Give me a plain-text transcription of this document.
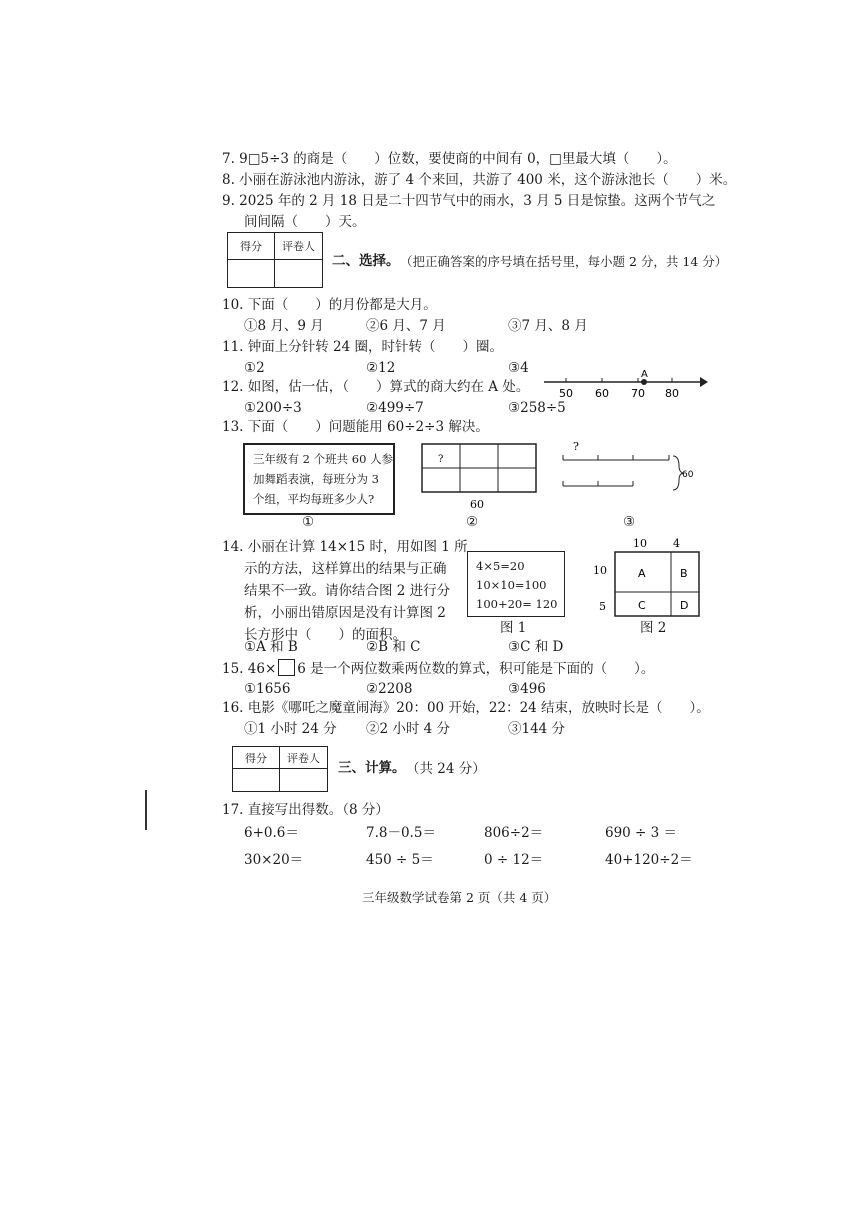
7. 9□5÷3 的商是（　　）位数，要使商的中间有 0，□里最大填（　　）。
8. 小丽在游泳池内游泳，游了 4 个来回，共游了 400 米，这个游泳池长（　　）米。
9. 2025 年的 2 月 18 日是二十四节气中的雨水，3 月 5 日是惊蛰。这两个节气之
间间隔（　　）天。
得分	评卷人
二、选择。 （把正确答案的序号填在括号里，每小题 2 分，共 14 分）
10. 下面（　　）的月份都是大月。
①8 月、9 月	②6 月、7 月	③7 月、8 月
11. 钟面上分针转 24 圈，时针转（　　）圈。
①2	②12	③4
12. 如图，估一估，（　　）算式的商大约在 A 处。
①200÷3	②499÷7	③258÷5
A
50 60 70 80
13. 下面（　　）问题能用 60÷2÷3 解决。
三年级有 2 个班共 60 人参
加舞蹈表演，每班分为 3
个组，平均每班多少人?
?
60
?
60
①	②	③
14. 小丽在计算 14×15 时，用如图 1 所
示的方法，这样算出的结果与正确
结果不一致。请你结合图 2 进行分
析，小丽出错原因是没有计算图 2
长方形中（　　）的面积。
4×5=20
10×10=100
100+20= 120
图 1
10 4
10
5
A	B
C	D
图 2
①A 和 B	②B 和 C	③C 和 D
15. 46× 6 是一个两位数乘两位数的算式，积可能是下面的（　　）。
①1656	②2208	③496
16. 电影《哪吒之魔童闹海》20：00 开始，22：24 结束，放映时长是（　　）。
①1 小时 24 分 ②2 小时 4 分	③144 分
得分	评卷人
三、计算。 （共 24 分）
17. 直接写出得数。（8 分）
6+0.6＝	7.8－0.5＝	806÷2＝	690 ÷ 3 ＝
30×20＝	450 ÷ 5＝	0 ÷ 12＝	40+120÷2＝
三年级数学试卷第 2 页（共 4 页）
